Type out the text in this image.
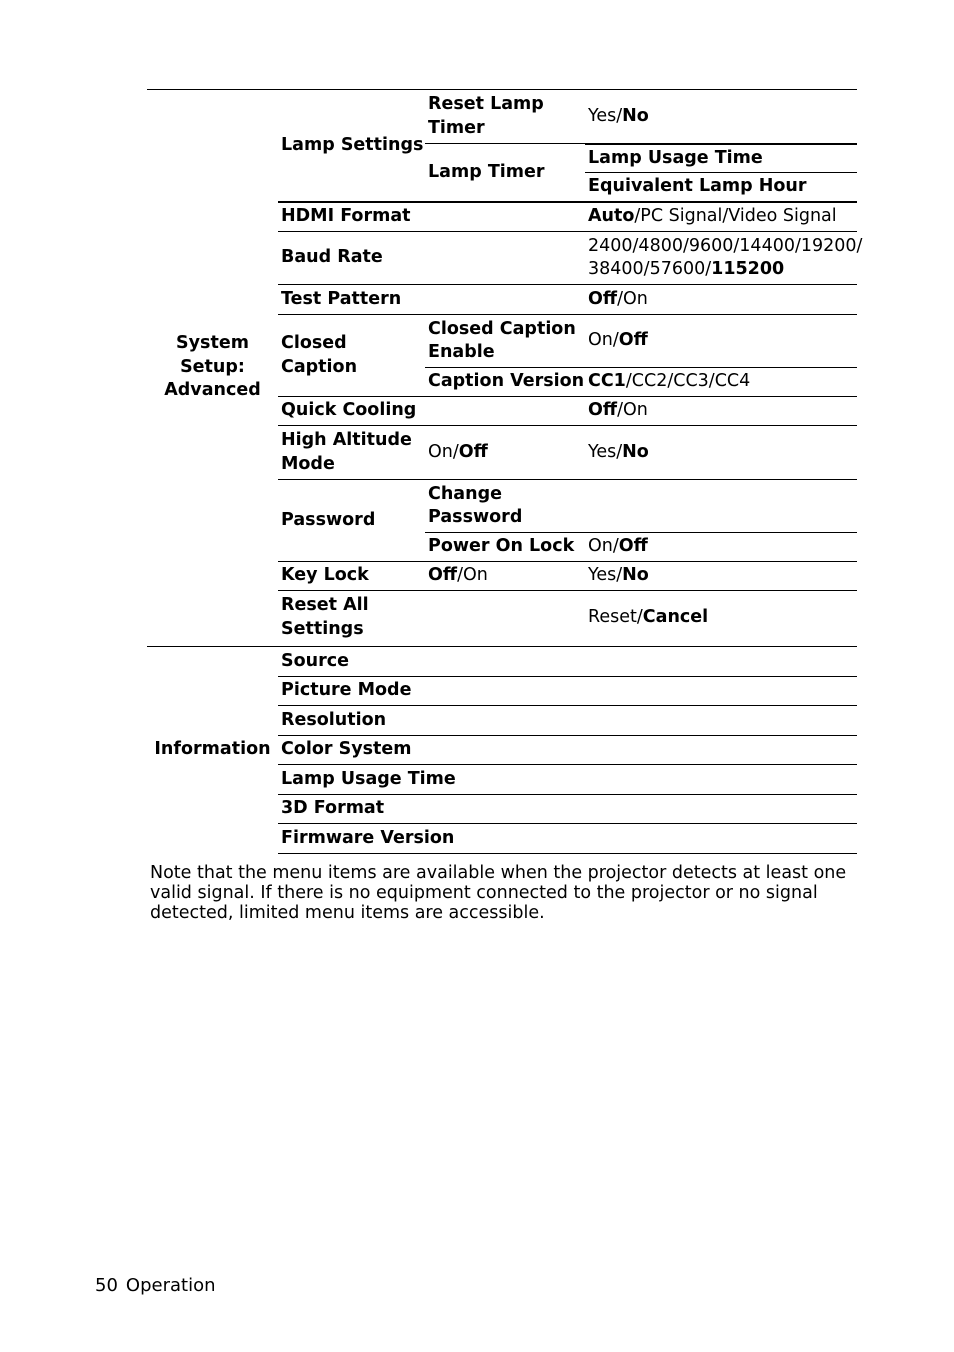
System Setup: Advanced	Lamp Settings	Reset Lamp Timer	Yes/No
		Lamp Timer	Lamp Usage Time
			Equivalent Lamp Hour
	HDMI Format		Auto/PC Signal/Video Signal
	Baud Rate		2400/4800/9600/14400/19200/
38400/57600/115200
	Test Pattern		Off/On
	Closed Caption	Closed Caption Enable	On/Off
		Caption Version	CC1/CC2/CC3/CC4
	Quick Cooling		Off/On
	High Altitude Mode	On/Off	Yes/No
	Password	Change Password	
		Power On Lock	On/Off
	Key Lock	Off/On	Yes/No
	Reset All Settings		Reset/Cancel
Information	Source
Picture Mode
Resolution
Color System
Lamp Usage Time
3D Format
Firmware Version

Note that the menu items are available when the projector detects at least one valid signal. If there is no equipment connected to the projector or no signal detected, limited menu items are accessible.

50 Operation
